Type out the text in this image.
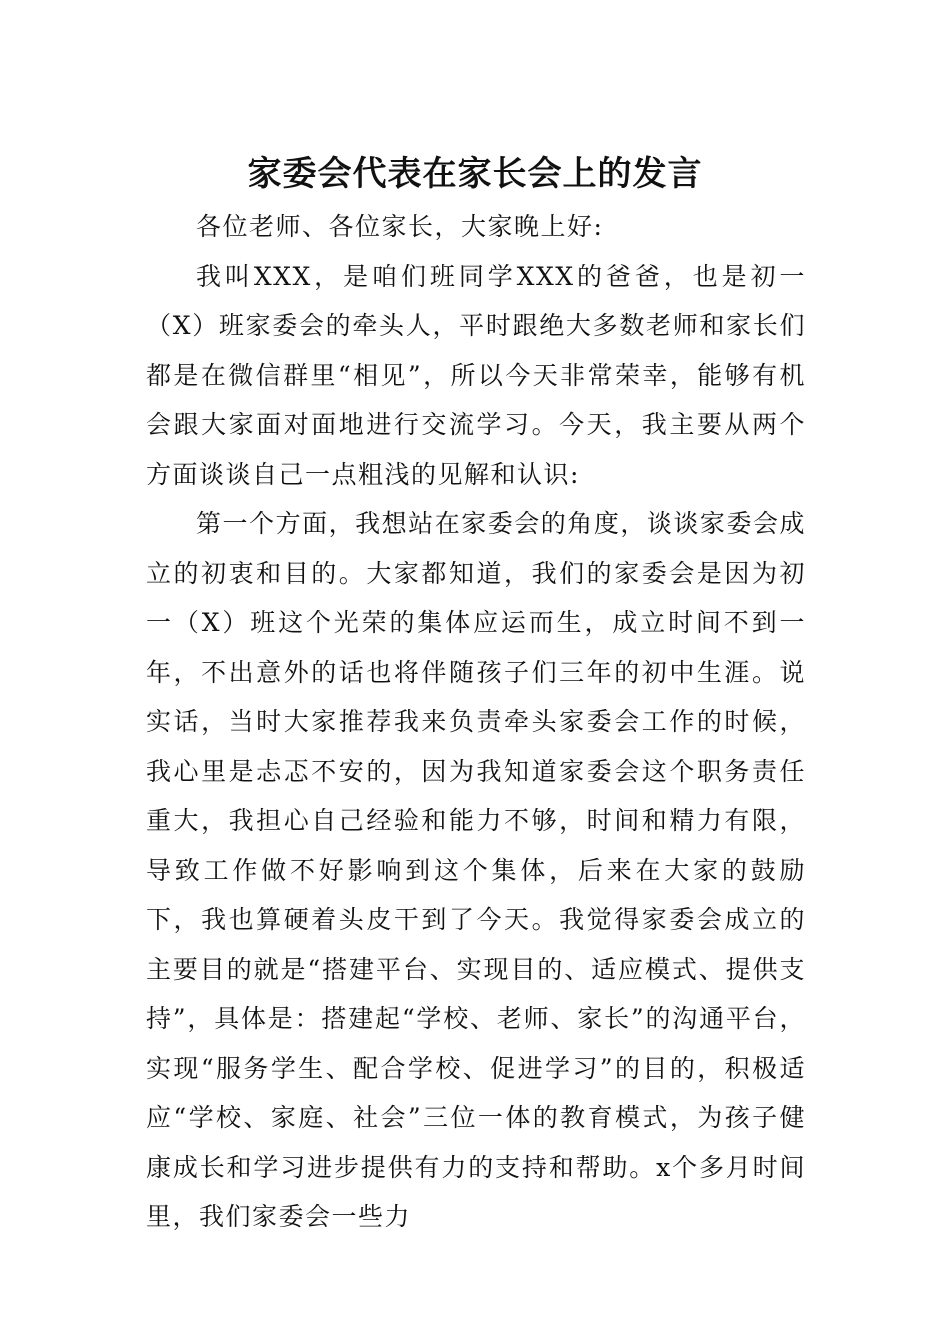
家委会代表在家长会上的发言

各位老师、各位家长，大家晚上好:

我叫XXX，是咱们班同学XXX的爸爸，也是初一（X）班家委会的牵头人，平时跟绝大多数老师和家长们都是在微信群里“相见”，所以今天非常荣幸，能够有机会跟大家面对面地进行交流学习。今天，我主要从两个方面谈谈自己一点粗浅的见解和认识:

第一个方面，我想站在家委会的角度，谈谈家委会成立的初衷和目的。大家都知道，我们的家委会是因为初一（X）班这个光荣的集体应运而生，成立时间不到一年，不出意外的话也将伴随孩子们三年的初中生涯。说实话，当时大家推荐我来负责牵头家委会工作的时候，我心里是忐忑不安的，因为我知道家委会这个职务责任重大，我担心自己经验和能力不够，时间和精力有限，导致工作做不好影响到这个集体，后来在大家的鼓励下，我也算硬着头皮干到了今天。我觉得家委会成立的主要目的就是“搭建平台、实现目的、适应模式、提供支持”，具体是：搭建起“学校、老师、家长”的沟通平台，实现“服务学生、配合学校、促进学习”的目的，积极适应“学校、家庭、社会”三位一体的教育模式，为孩子健康成长和学习进步提供有力的支持和帮助。x个多月时间里，我们家委会一些力
